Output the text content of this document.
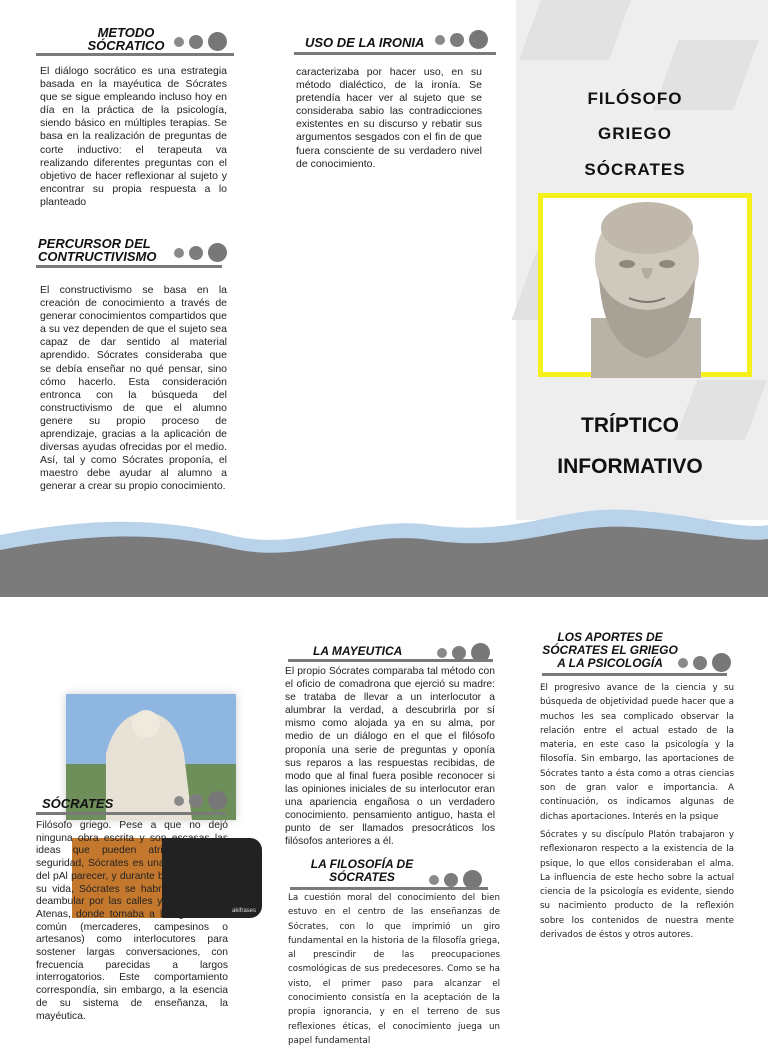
METODO
SÓCRATICO
El diálogo socrático es una estrategia basada en la mayéutica de Sócrates que se sigue empleando incluso hoy en día en la práctica de la psicología, siendo básico en múltiples terapias. Se basa en la realización de preguntas de corte inductivo: el terapeuta va realizando diferentes preguntas con el objetivo de hacer reflexionar al sujeto y encontrar su propia respuesta a lo planteado
PERCURSOR DEL
CONTRUCTIVISMO
El constructivismo se basa en la creación de conocimiento a través de generar conocimientos compartidos que a su vez dependen de que el sujeto sea capaz de dar sentido al material aprendido. Sócrates consideraba que se debía enseñar no qué pensar, sino cómo hacerlo. Esta consideración entronca con la búsqueda del constructivismo de que el alumno genere su propio proceso de aprendizaje, gracias a la aplicación de diversas ayudas ofrecidas por el medio. Así, tal y como Sócrates proponía, el maestro debe ayudar al alumno a generar a crear su propio conocimiento.
USO DE LA IRONIA
caracterizaba por hacer uso, en su método dialéctico, de la ironía. Se pretendía hacer ver al sujeto que se consideraba sabio las contradicciones existentes en su discurso y rebatir sus argumentos sesgados con el fin de que fuera consciente de su verdadero nivel de conocimiento.
FILÓSOFO
GRIEGO
SÓCRATES
TRÍPTICO
INFORMATIVO
akifrases
SÓCRATES
Filósofo griego. Pese a que no dejó ninguna obra escrita y son escasas las ideas que pueden atribuírsele con seguridad, Sócrates es una figura capital del pAl parecer, y durante buena parte de su vida, Sócrates se habría dedicado a deambular por las calles y mercados de Atenas, donde tomaba a las gentes del común (mercaderes, campesinos o artesanos) como interlocutores para sostener largas conversaciones, con frecuencia parecidas a largos interrogatorios. Este comportamiento correspondía, sin embargo, a la esencia de su sistema de enseñanza, la mayéutica.
LA MAYEUTICA
El propio Sócrates comparaba tal método con el oficio de comadrona que ejerció su madre: se trataba de llevar a un interlocutor a alumbrar la verdad, a descubrirla por sí mismo como alojada ya en su alma, por medio de un diálogo en el que el filósofo proponía una serie de preguntas y oponía sus reparos a las respuestas recibidas, de modo que al final fuera posible reconocer si las opiniones iniciales de su interlocutor eran una apariencia engañosa o un verdadero conocimiento. pensamiento antiguo, hasta el punto de ser llamados presocráticos los filósofos anteriores a él.
LA FILOSOFÍA DE
SÓCRATES
La cuestión moral del conocimiento del bien estuvo en el centro de las enseñanzas de Sócrates, con lo que imprimió un giro fundamental en la historia de la filosofía griega, al prescindir de las preocupaciones cosmológicas de sus predecesores. Como se ha visto, el primer paso para alcanzar el conocimiento consistía en la aceptación de la propia ignorancia, y en el terreno de sus reflexiones éticas, el conocimiento juega un papel fundamental
LOS APORTES DE
SÓCRATES EL GRIEGO
A LA PSICOLOGÍA
El progresivo avance de la ciencia y su búsqueda de objetividad puede hacer que a muchos les sea complicado observar la relación entre el actual estado de la materia, en este caso la psicología y la filosofía. Sin embargo, las aportaciones de Sócrates tanto a ésta como a otras ciencias son de gran valor e importancia. A continuación, os indicamos algunas de dichas aportaciones. Interés en la psique
Sócrates y su discípulo Platón trabajaron y reflexionaron respecto a la existencia de la psique, lo que ellos consideraban el alma. La influencia de este hecho sobre la actual ciencia de la psicología es evidente, siendo su nacimiento producto de la reflexión sobre los contenidos de nuestra mente derivados de éstos y otros autores.
